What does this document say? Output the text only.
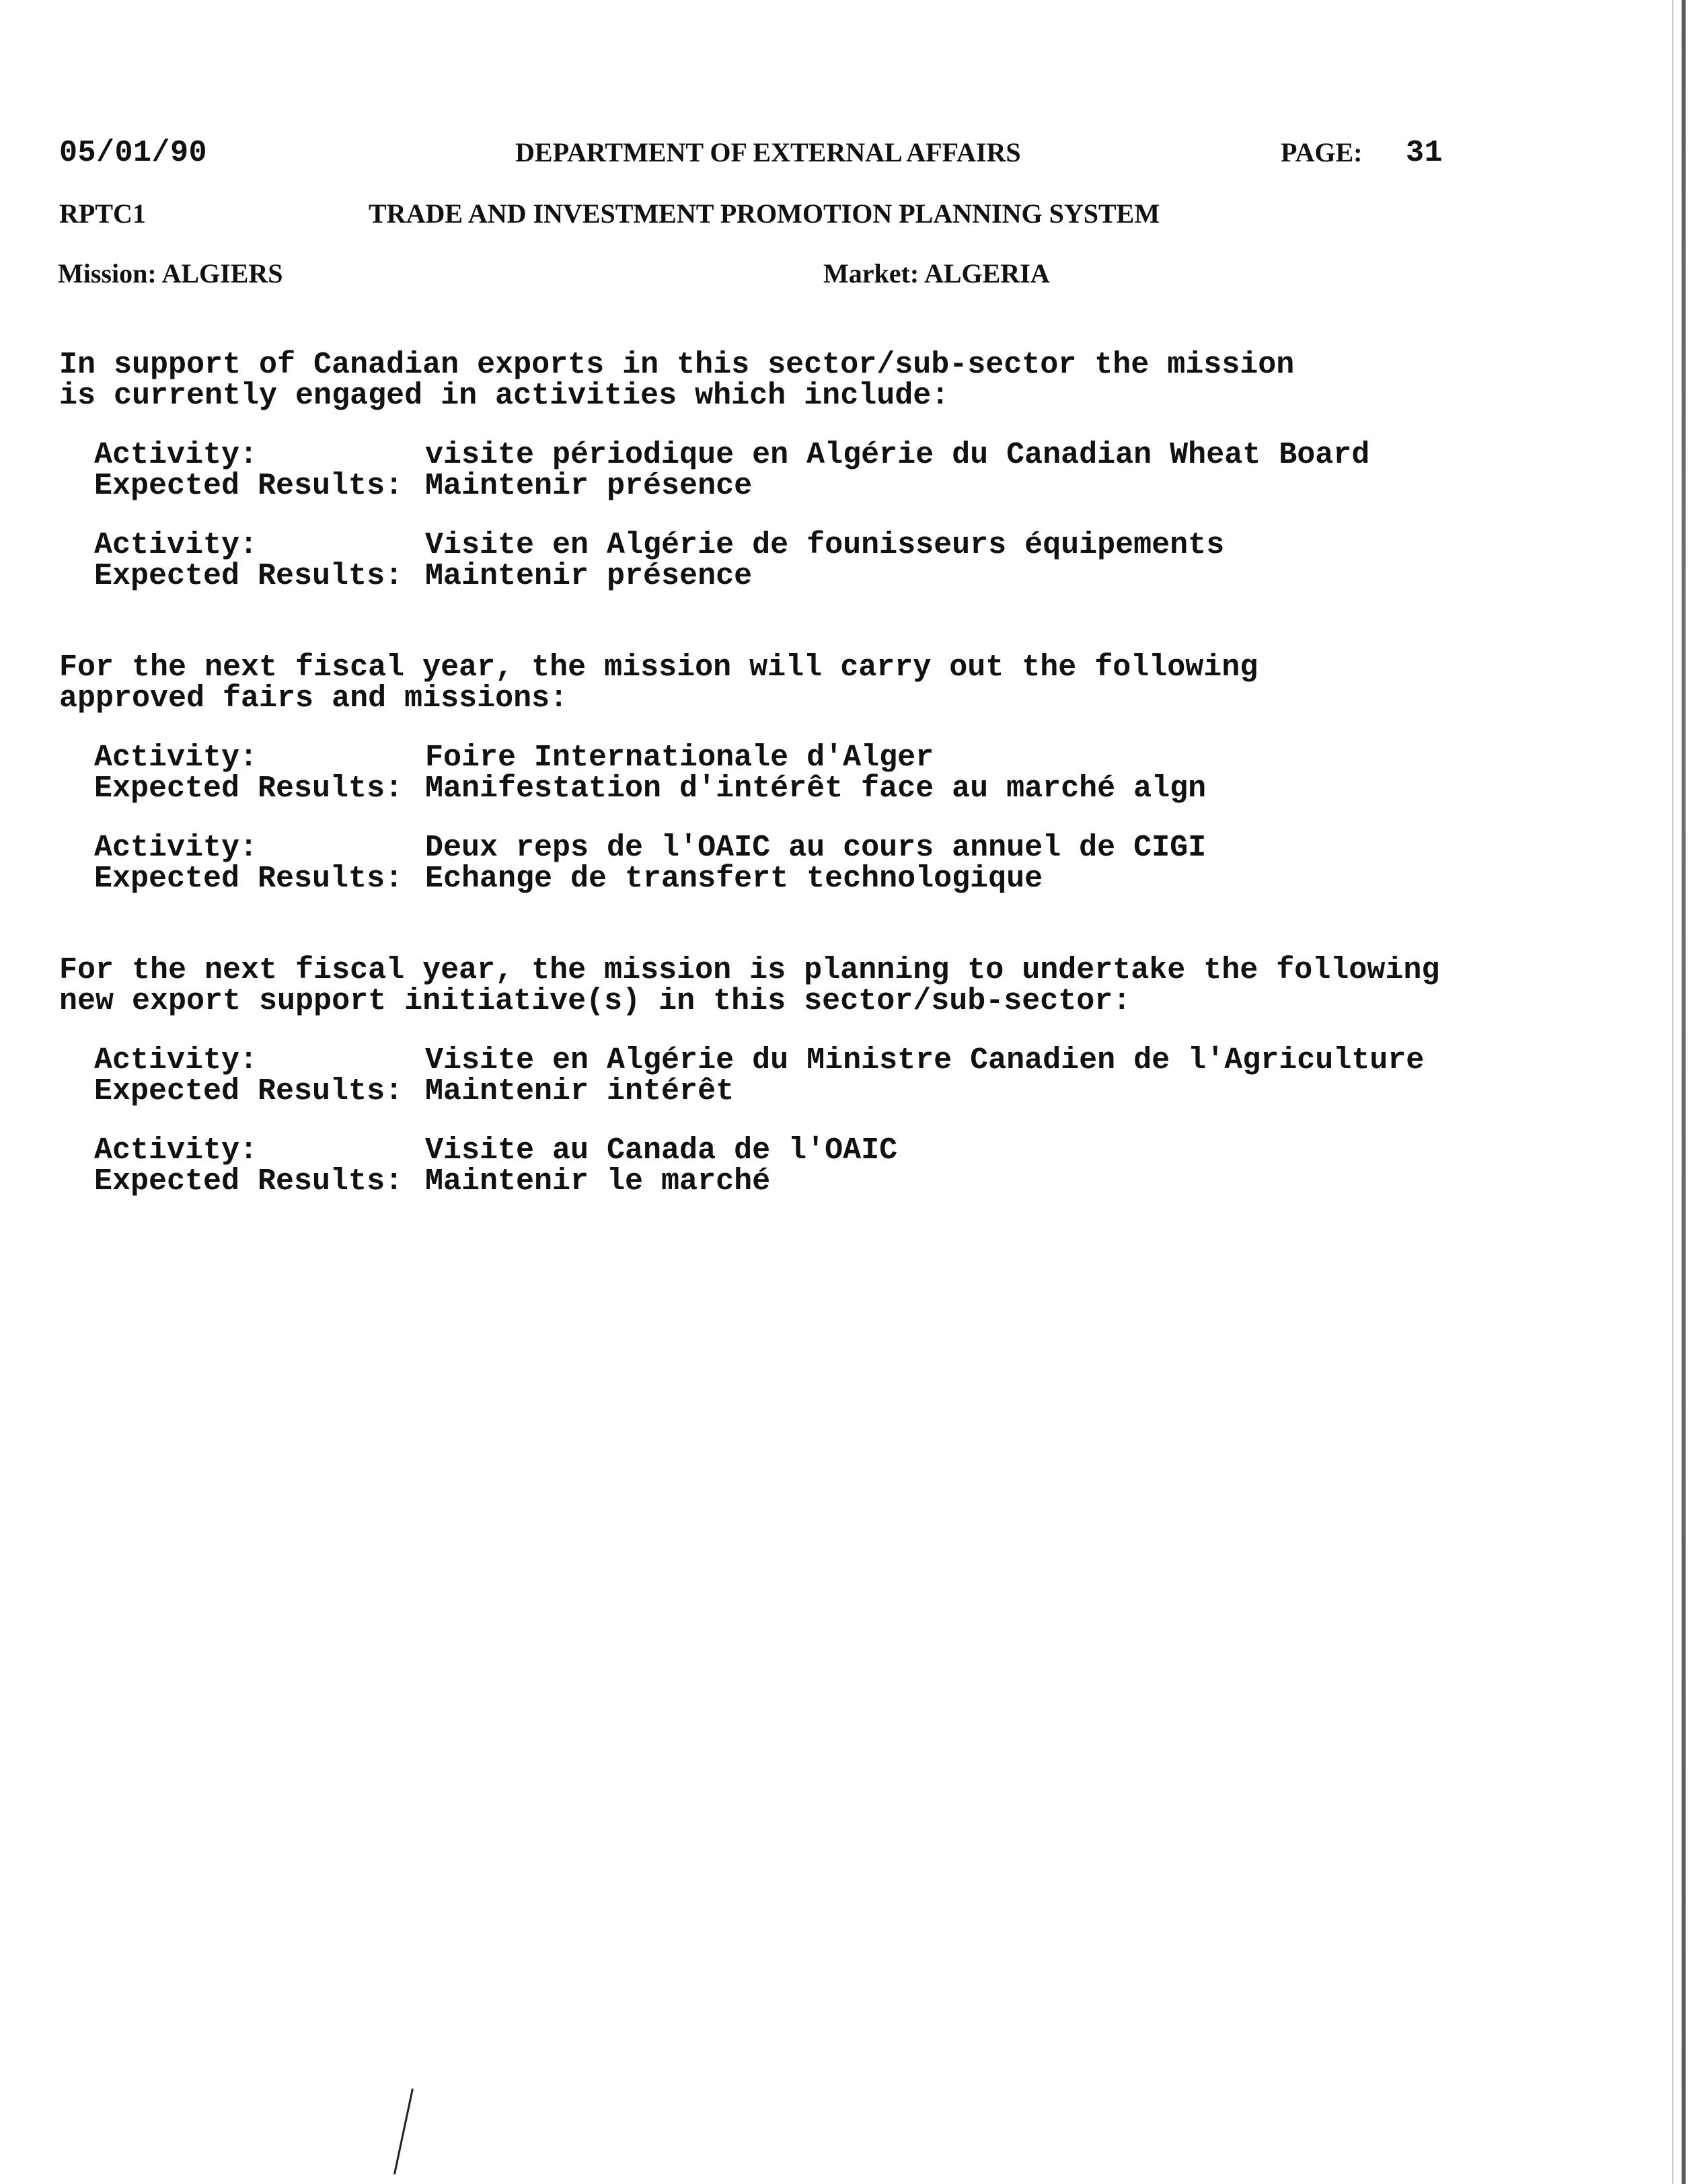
05/01/90	DEPARTMENT OF EXTERNAL AFFAIRS	PAGE: 31
RPTC1	TRADE AND INVESTMENT PROMOTION PLANNING SYSTEM
Mission: ALGIERS	Market: ALGERIA
In support of Canadian exports in this sector/sub-sector the mission
is currently engaged in activities which include:
Activity:	visite périodique en Algérie du Canadian Wheat Board
Expected Results: Maintenir présence
Activity:	Visite en Algérie de founisseurs équipements
Expected Results: Maintenir présence
For the next fiscal year, the mission will carry out the following
approved fairs and missions:
Activity:	Foire Internationale d'Alger
Expected Results: Manifestation d'intérêt face au marché algn
Activity:	Deux reps de l'OAIC au cours annuel de CIGI
Expected Results: Echange de transfert technologique
For the next fiscal year, the mission is planning to undertake the following
new export support initiative(s) in this sector/sub-sector:
Activity:	Visite en Algérie du Ministre Canadien de l'Agriculture
Expected Results: Maintenir intérêt
Activity:	Visite au Canada de l'OAIC
Expected Results: Maintenir le marché
